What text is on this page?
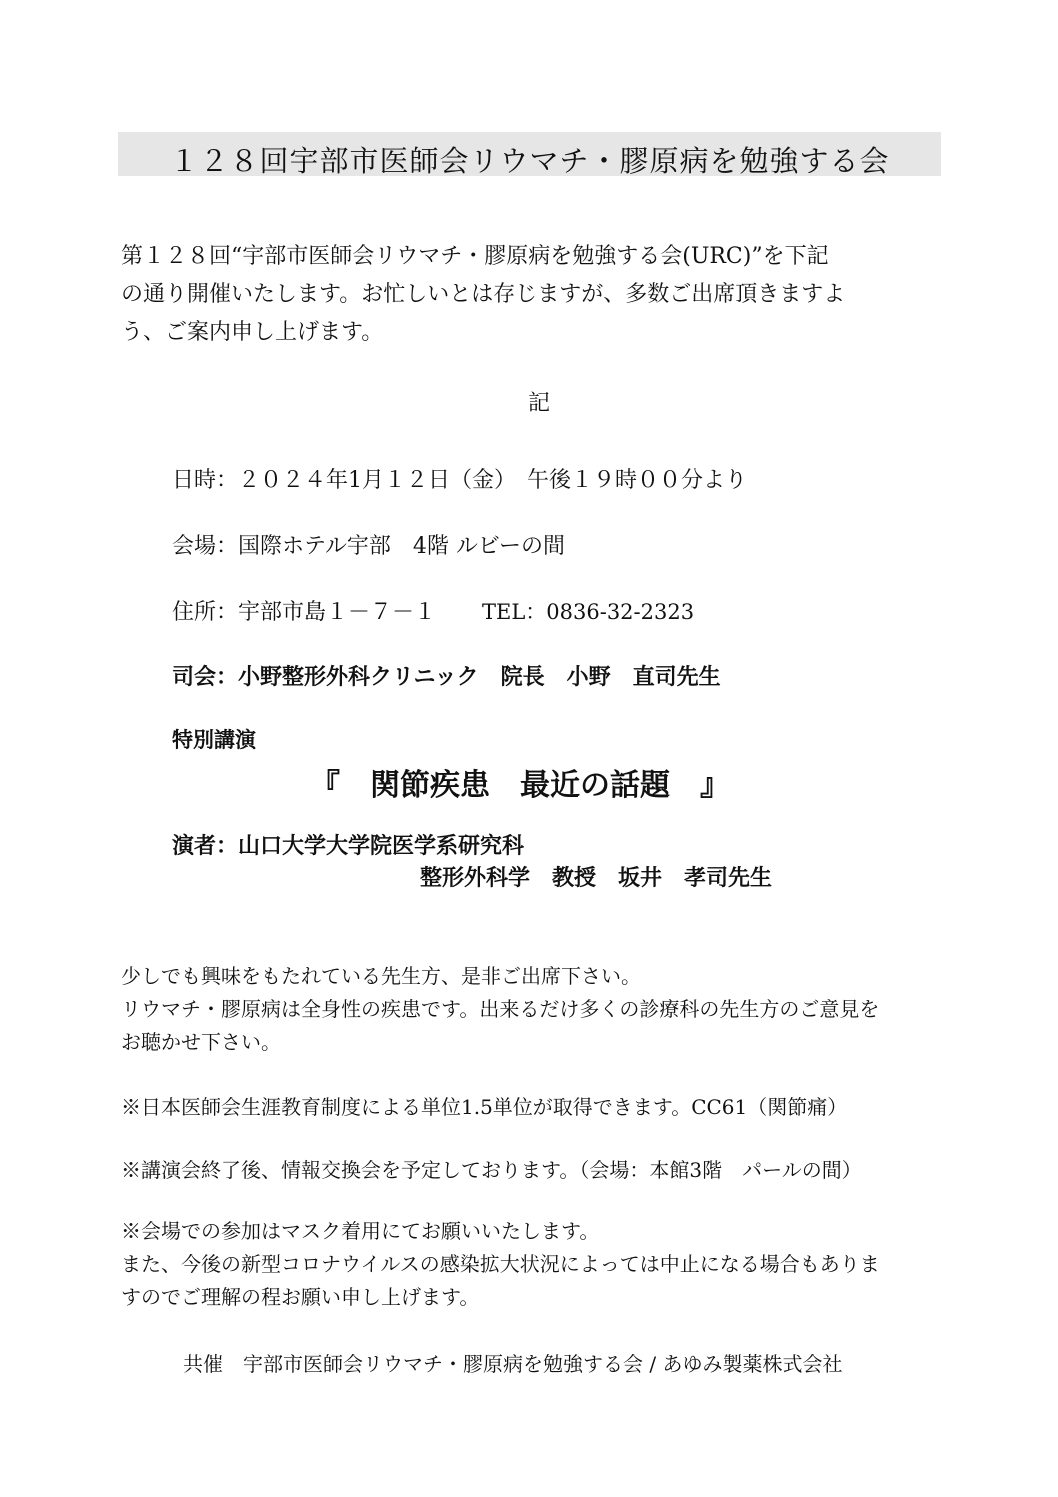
１２８回宇部市医師会リウマチ・膠原病を勉強する会

第１２８回“宇部市医師会リウマチ・膠原病を勉強する会(URC)”を下記

の通り開催いたします。お忙しいとは存じますが、多数ご出席頂きますよ

う、ご案内申し上げます。

記
日時：２０２４年1月１２日（金）　午後１９時００分より
会場：国際ホテル宇部　4階 ルビーの間
住所：宇部市島１－７－１ TEL：0836-32-2323
司会：小野整形外科クリニック　院長　小野　直司先生
特別講演
『　関節疾患　最近の話題　』
演者：山口大学大学院医学系研究科
整形外科学　教授　坂井　孝司先生

少しでも興味をもたれている先生方、是非ご出席下さい。

リウマチ・膠原病は全身性の疾患です。出来るだけ多くの診療科の先生方のご意見を

お聴かせ下さい。

※日本医師会生涯教育制度による単位1.5単位が取得できます。CC61（関節痛）
※講演会終了後、情報交換会を予定しております。（会場：本館3階　パールの間）

※会場での参加はマスク着用にてお願いいたします。

また、今後の新型コロナウイルスの感染拡大状況によっては中止になる場合もありま

すのでご理解の程お願い申し上げます。

共催　宇部市医師会リウマチ・膠原病を勉強する会 / あゆみ製薬株式会社
